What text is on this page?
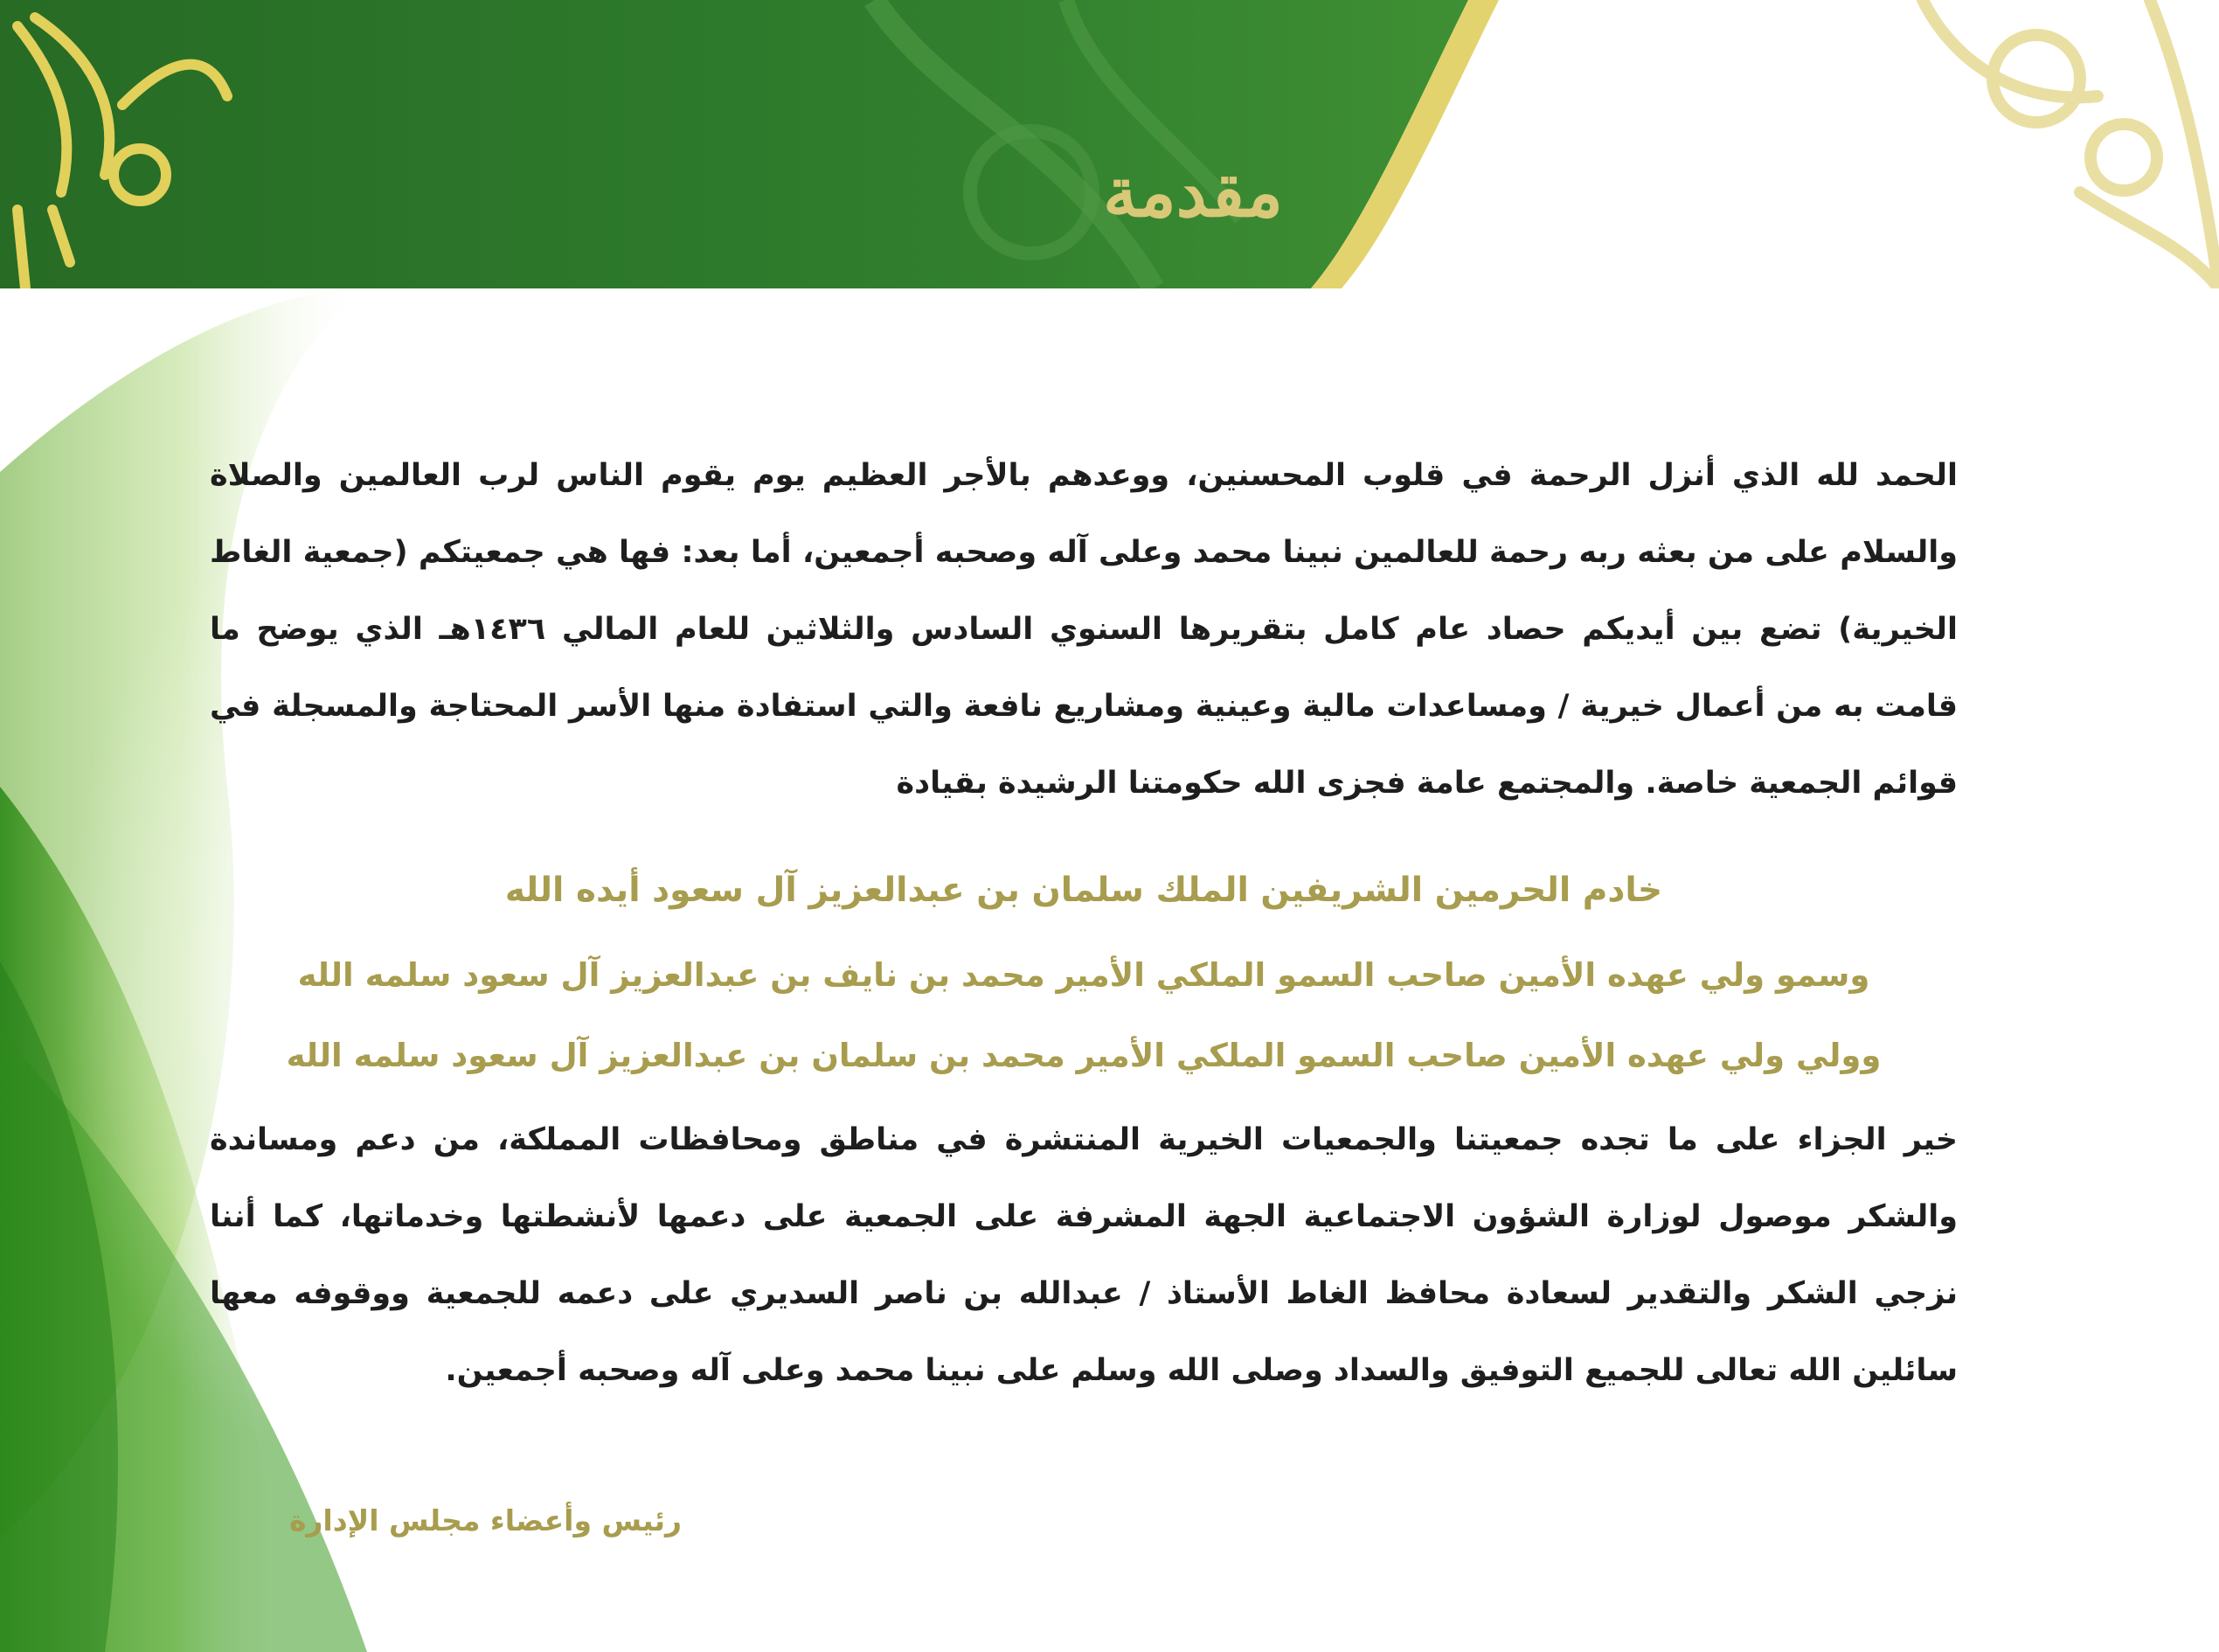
مقدمة
الحمد لله الذي أنزل الرحمة في قلوب المحسنين، ووعدهم بالأجر العظيم يوم يقوم الناس لرب العالمين والصلاة والسلام على من بعثه ربه رحمة للعالمين نبينا محمد وعلى آله وصحبه أجمعين، أما بعد: فها هي جمعيتكم (جمعية الغاط الخيرية) تضع بين أيديكم حصاد عام كامل بتقريرها السنوي السادس والثلاثين للعام المالي ١٤٣٦هـ الذي يوضح ما قامت به من أعمال خيرية / ومساعدات مالية وعينية ومشاريع نافعة والتي استفادة منها الأسر المحتاجة والمسجلة في قوائم الجمعية خاصة. والمجتمع عامة فجزى الله حكومتنا الرشيدة بقيادة
خادم الحرمين الشريفين الملك سلمان بن عبدالعزيز آل سعود أيده الله
وسمو ولي عهده الأمين صاحب السمو الملكي الأمير محمد بن نايف بن عبدالعزيز آل سعود سلمه الله
وولي ولي عهده الأمين صاحب السمو الملكي الأمير محمد بن سلمان بن عبدالعزيز آل سعود سلمه الله
خير الجزاء على ما تجده جمعيتنا والجمعيات الخيرية المنتشرة في مناطق ومحافظات المملكة، من دعم ومساندة والشكر موصول لوزارة الشؤون الاجتماعية الجهة المشرفة على الجمعية على دعمها لأنشطتها وخدماتها، كما أننا نزجي الشكر والتقدير لسعادة محافظ الغاط الأستاذ / عبدالله بن ناصر السديري على دعمه للجمعية ووقوفه معها سائلين الله تعالى للجميع التوفيق والسداد وصلى الله وسلم على نبينا محمد وعلى آله وصحبه أجمعين.
رئيس وأعضاء مجلس الإدارة
